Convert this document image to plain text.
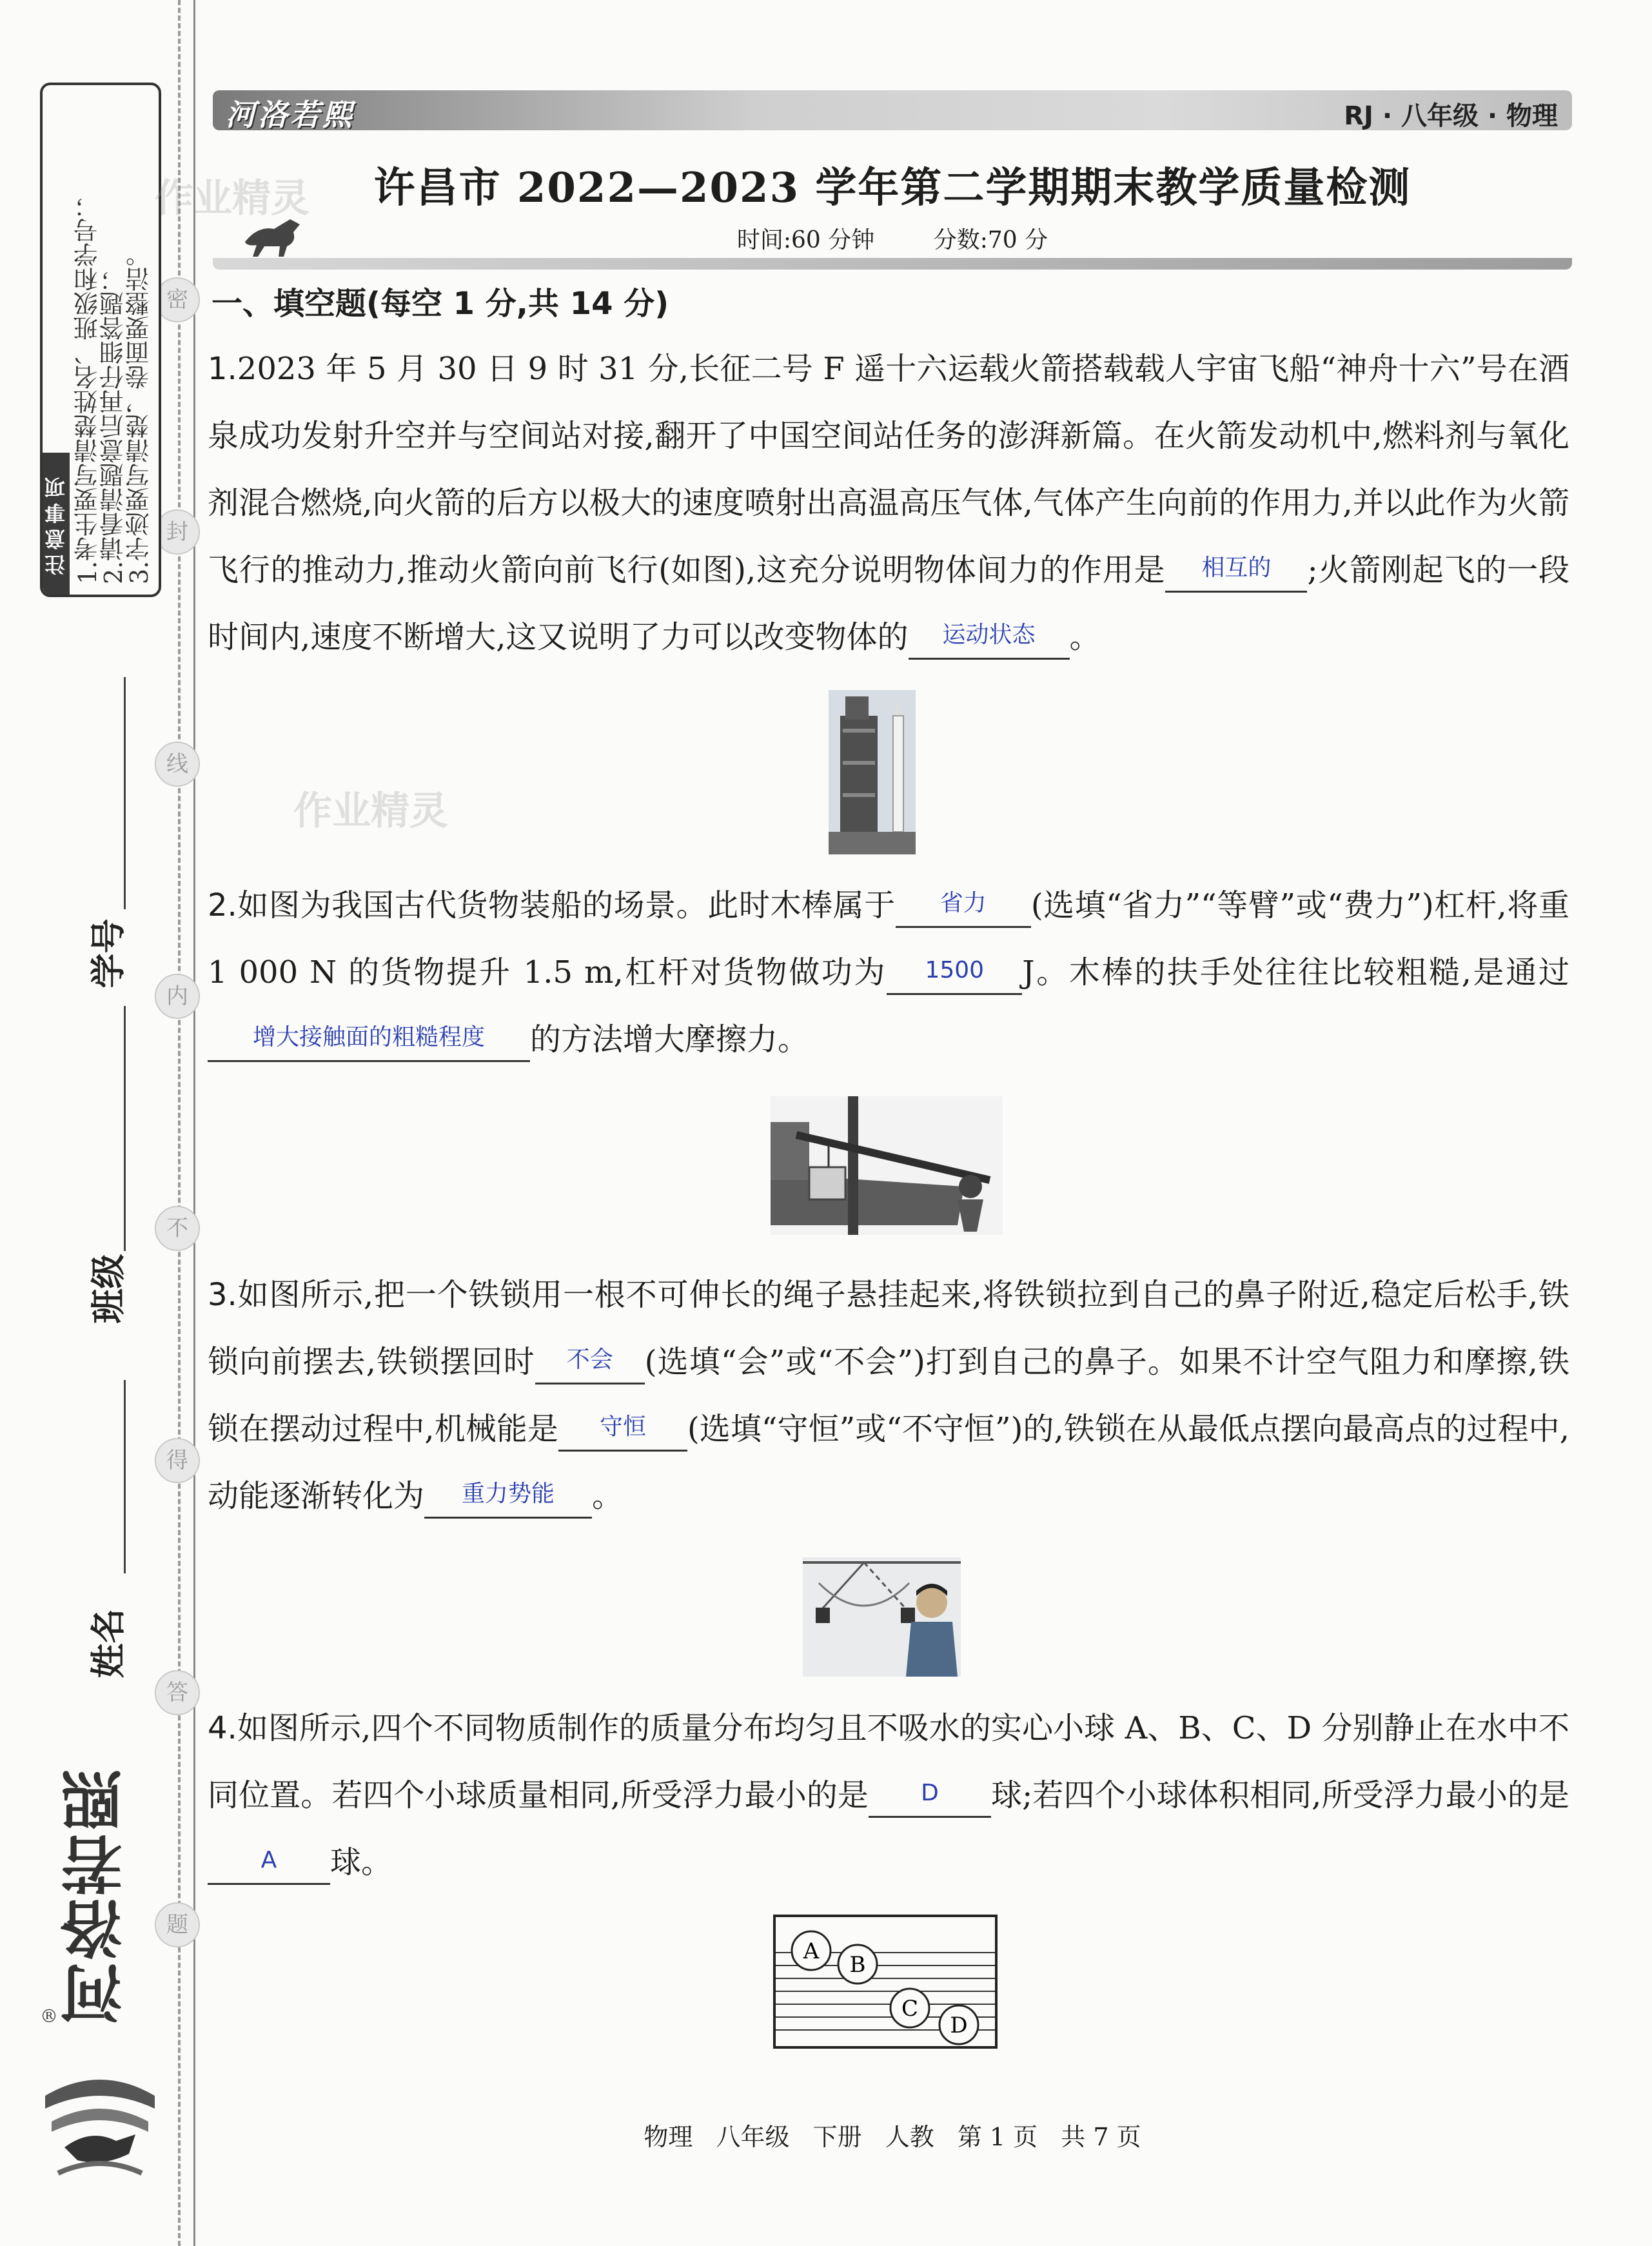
密
封
线
内
不
得
答
题
注意事项 1.考生要写清楚姓名、班级和学号；
2.请看清题意后再仔细答题；
3.字迹要写清楚，卷面要整洁。
学号
班级
姓名
河洛若熙
®
河洛若熙	RJ · 八年级 · 物理
许昌市 2022—2023 学年第二学期期末教学质量检测
时间:60 分钟	分数:70 分
作业精灵
作业精灵
一、填空题(每空 1 分,共 14 分)
1.2023 年 5 月 30 日 9 时 31 分,长征二号 F 遥十六运载火箭搭载载人宇宙飞船“神舟十六”号在酒泉成功发射升空并与空间站对接,翻开了中国空间站任务的澎湃新篇。在火箭发动机中,燃料剂与氧化剂混合燃烧,向火箭的后方以极大的速度喷射出高温高压气体,气体产生向前的作用力,并以此作为火箭飞行的推动力,推动火箭向前飞行(如图),这充分说明物体间力的作用是 相互的 ;火箭刚起飞的一段时间内,速度不断增大,这又说明了力可以改变物体的 运动状态 。
2.如图为我国古代货物装船的场景。此时木棒属于 省力 (选填“省力”“等臂”或“费力”)杠杆,将重 1 000 N 的货物提升 1.5 m,杠杆对货物做功为 1500 J。木棒的扶手处往往比较粗糙,是通过增大接触面的粗糙程度 的方法增大摩擦力。
3.如图所示,把一个铁锁用一根不可伸长的绳子悬挂起来,将铁锁拉到自己的鼻子附近,稳定后松手,铁锁向前摆去,铁锁摆回时 不会 (选填“会”或“不会”)打到自己的鼻子。如果不计空气阻力和摩擦,铁锁在摆动过程中,机械能是 守恒 (选填“守恒”或“不守恒”)的,铁锁在从最低点摆向最高点的过程中,动能逐渐转化为 重力势能 。
4.如图所示,四个不同物质制作的质量分布均匀且不吸水的实心小球 A、B、C、D 分别静止在水中不同位置。若四个小球质量相同,所受浮力最小的是 D 球;若四个小球体积相同,所受浮力最小的是A 球。
A
B
C
D
物理 八年级 下册 人教 第 1 页 共 7 页
